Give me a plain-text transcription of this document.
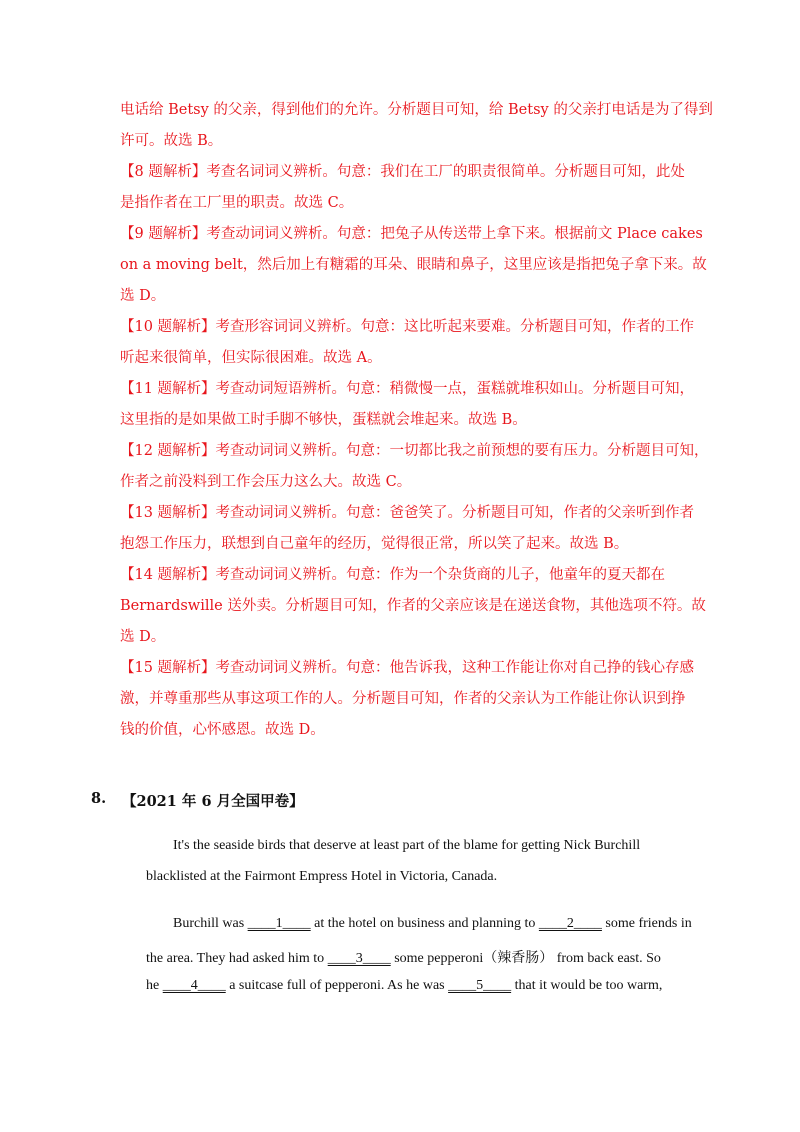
电话给 Betsy 的父亲，得到他们的允许。分析题目可知，给 Betsy 的父亲打电话是为了得到
许可。故选 B。
【8 题解析】考查名词词义辨析。句意：我们在工厂的职责很简单。分析题目可知，此处
是指作者在工厂里的职责。故选 C。
【9 题解析】考查动词词义辨析。句意：把兔子从传送带上拿下来。根据前文 Place cakes
on a moving belt，然后加上有糖霜的耳朵、眼睛和鼻子，这里应该是指把兔子拿下来。故
选 D。
【10 题解析】考查形容词词义辨析。句意：这比听起来要难。分析题目可知，作者的工作
听起来很简单，但实际很困难。故选 A。
【11 题解析】考查动词短语辨析。句意：稍微慢一点，蛋糕就堆积如山。分析题目可知，
这里指的是如果做工时手脚不够快，蛋糕就会堆起来。故选 B。
【12 题解析】考查动词词义辨析。句意：一切都比我之前预想的要有压力。分析题目可知，
作者之前没料到工作会压力这么大。故选 C。
【13 题解析】考查动词词义辨析。句意：爸爸笑了。分析题目可知，作者的父亲听到作者
抱怨工作压力，联想到自己童年的经历，觉得很正常，所以笑了起来。故选 B。
【14 题解析】考查动词词义辨析。句意：作为一个杂货商的儿子，他童年的夏天都在
Bernardswille 送外卖。分析题目可知，作者的父亲应该是在递送食物，其他选项不符。故
选 D。
【15 题解析】考查动词词义辨析。句意：他告诉我，这种工作能让你对自己挣的钱心存感
激，并尊重那些从事这项工作的人。分析题目可知，作者的父亲认为工作能让你认识到挣
钱的价值，心怀感恩。故选 D。
8. 【2021 年 6 月全国甲卷】
It's the seaside birds that deserve at least part of the blame for getting Nick Burchill
blacklisted at the Fairmont Empress Hotel in Victoria, Canada.
Burchill was ____1____ at the hotel on business and planning to ____2____ some friends in
the area. They had asked him to ____3____ some pepperoni（辣香肠） from back east. So
he ____4____ a suitcase full of pepperoni. As he was ____5____ that it would be too warm,
